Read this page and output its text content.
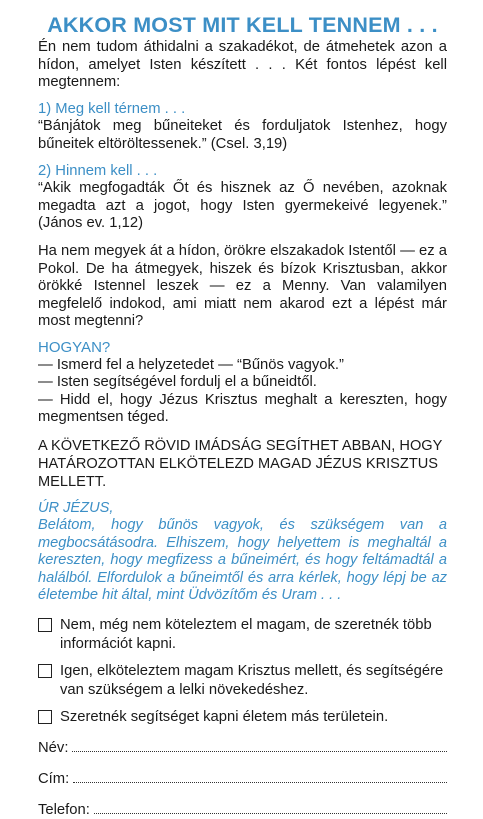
AKKOR MOST MIT KELL TENNEM . . .

Én nem tudom áthidalni a szakadékot, de átmehetek azon a hídon, amelyet Isten készített . . . Két fontos lépést kell megtennem:

1) Meg kell térnem . . .

“Bánjátok meg bűneiteket és forduljatok Istenhez, hogy bűneitek eltöröltessenek.” (Csel. 3,19)

2) Hinnem kell . . .

“Akik megfogadták Őt és hisznek az Ő nevében, azoknak megadta azt a jogot, hogy Isten gyermekeivé legyenek.” (János ev. 1,12)

Ha nem megyek át a hídon, örökre elszakadok Istentől — ez a Pokol. De ha átmegyek, hiszek és bízok Krisztusban, akkor örökké Istennel leszek — ez a Menny. Van valamilyen megfelelő indokod, ami miatt nem akarod ezt a lépést már most megtenni?

HOGYAN?

— Ismerd fel a helyzetedet — “Bűnös vagyok.”

— Isten segítségével fordulj el a bűneidtől.

— Hidd el, hogy Jézus Krisztus meghalt a kereszten, hogy megmentsen téged.

A KÖVETKEZŐ RÖVID IMÁDSÁG SEGÍTHET ABBAN, HOGY HATÁROZOTTAN ELKÖTELEZD MAGAD JÉZUS KRISZTUS MELLETT.

ÚR JÉZUS,

Belátom, hogy bűnös vagyok, és szükségem van a megbocsátásodra. Elhiszem, hogy helyettem is meghaltál a kereszten, hogy megfizess a bűneimért, és hogy feltámadtál a halálból. Elfordulok a bűneimtől és arra kérlek, hogy lépj be az életembe hit által, mint Üdvözítőm és Uram . . .

Nem, még nem köteleztem el magam, de szeretnék több információt kapni.
Igen, elköteleztem magam Krisztus mellett, és segítségére van szükségem a lelki növekedéshez.
Szeretnék segítséget kapni életem más területein.
Név:
Cím:
Telefon:
